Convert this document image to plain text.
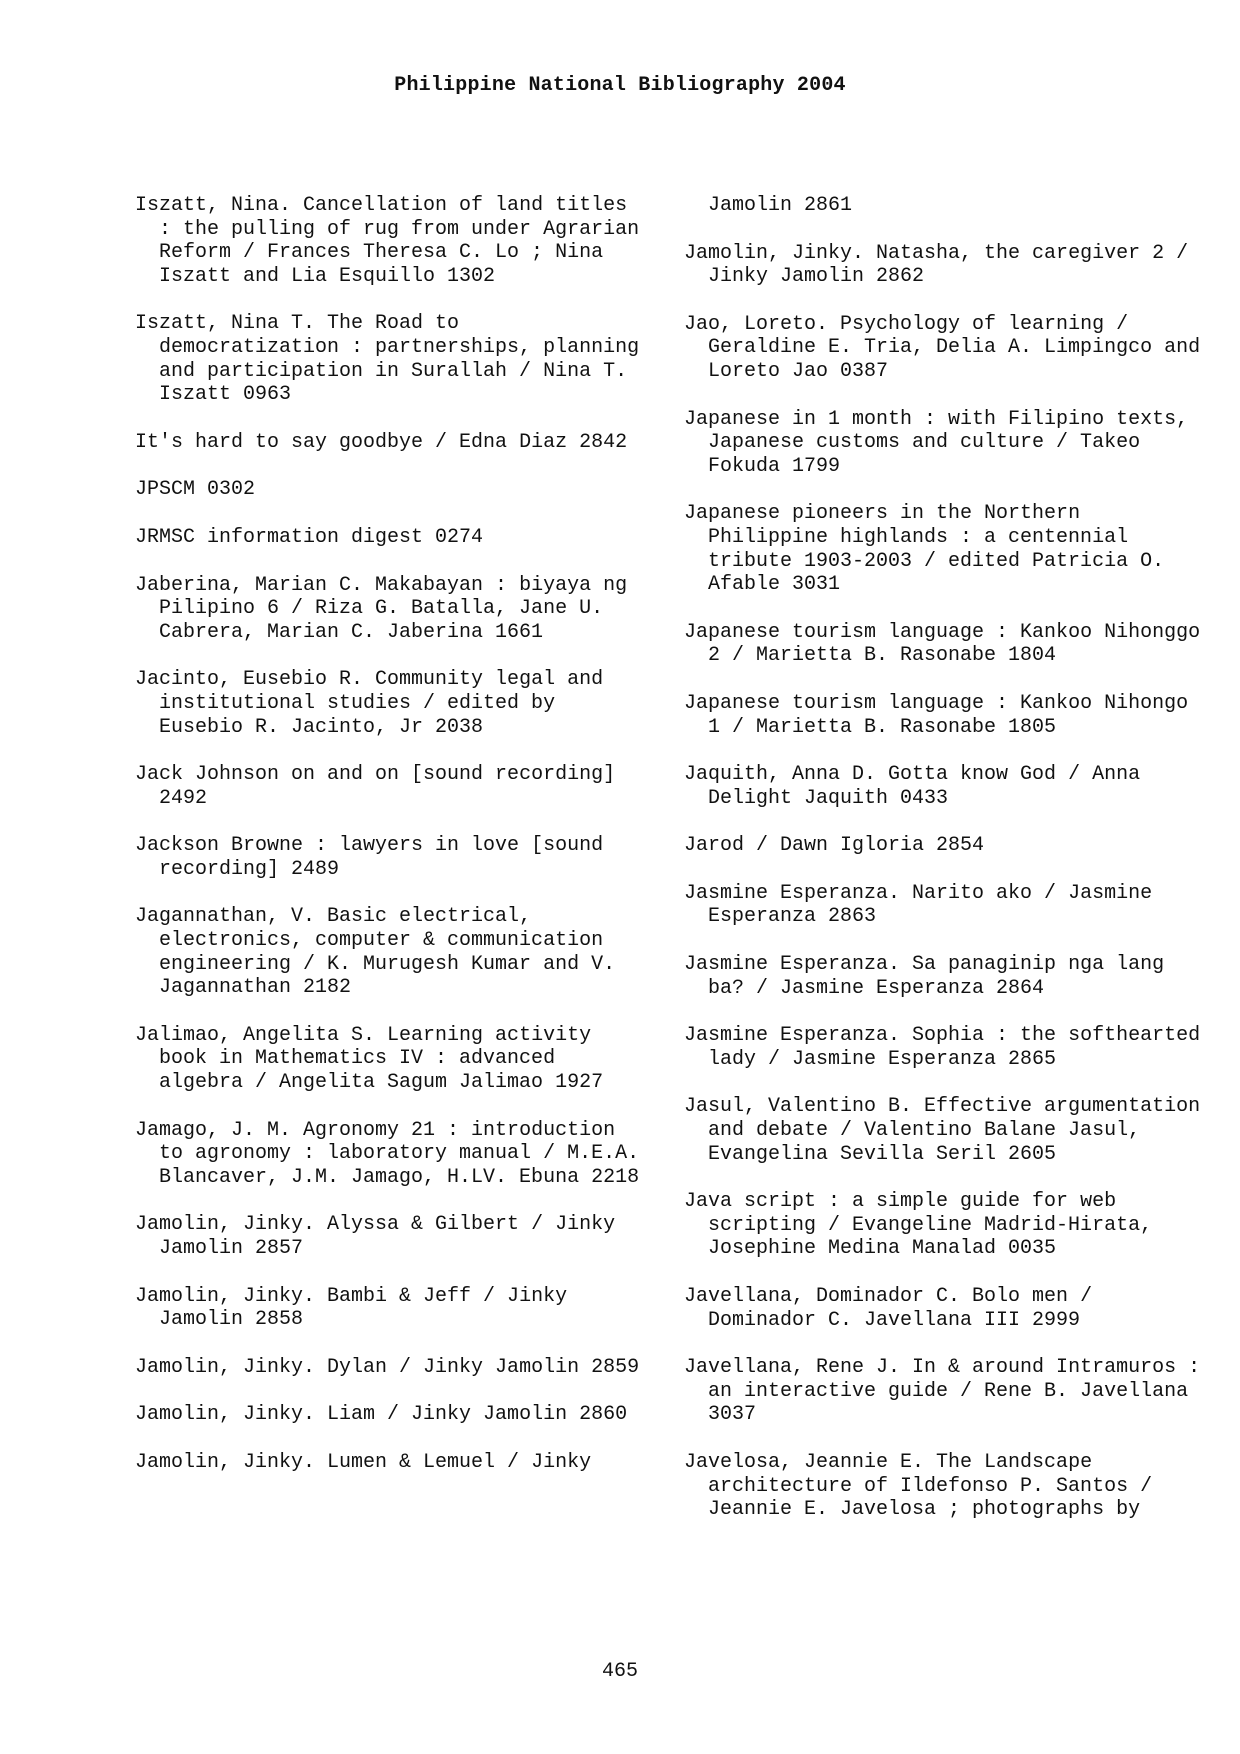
Philippine National Bibliography 2004

Iszatt, Nina. Cancellation of land titles : the pulling of rug from under Agrarian Reform / Frances Theresa C. Lo ; Nina Iszatt and Lia Esquillo 1302

Iszatt, Nina T. The Road to democratization : partnerships, planning and participation in Surallah / Nina T. Iszatt 0963

It's hard to say goodbye / Edna Diaz 2842

JPSCM 0302

JRMSC information digest 0274

Jaberina, Marian C. Makabayan : biyaya ng Pilipino 6 / Riza G. Batalla, Jane U. Cabrera, Marian C. Jaberina 1661

Jacinto, Eusebio R. Community legal and institutional studies / edited by Eusebio R. Jacinto, Jr 2038

Jack Johnson on and on [sound recording] 2492

Jackson Browne : lawyers in love [sound recording] 2489

Jagannathan, V. Basic electrical, electronics, computer & communication engineering / K. Murugesh Kumar and V. Jagannathan 2182

Jalimao, Angelita S. Learning activity book in Mathematics IV : advanced algebra / Angelita Sagum Jalimao 1927

Jamago, J. M. Agronomy 21 : introduction to agronomy : laboratory manual / M.E.A. Blancaver, J.M. Jamago, H.LV. Ebuna 2218

Jamolin, Jinky. Alyssa & Gilbert / Jinky Jamolin 2857

Jamolin, Jinky. Bambi & Jeff / Jinky Jamolin 2858

Jamolin, Jinky. Dylan / Jinky Jamolin 2859

Jamolin, Jinky. Liam / Jinky Jamolin 2860

Jamolin, Jinky. Lumen & Lemuel / Jinky

Jamolin 2861

Jamolin, Jinky. Natasha, the caregiver 2 / Jinky Jamolin 2862

Jao, Loreto. Psychology of learning / Geraldine E. Tria, Delia A. Limpingco and Loreto Jao 0387

Japanese in 1 month : with Filipino texts, Japanese customs and culture / Takeo Fokuda 1799

Japanese pioneers in the Northern Philippine highlands : a centennial tribute 1903-2003 / edited Patricia O. Afable 3031

Japanese tourism language : Kankoo Nihonggo 2 / Marietta B. Rasonabe 1804

Japanese tourism language : Kankoo Nihongo 1 / Marietta B. Rasonabe 1805

Jaquith, Anna D. Gotta know God / Anna Delight Jaquith 0433

Jarod / Dawn Igloria 2854

Jasmine Esperanza. Narito ako / Jasmine Esperanza 2863

Jasmine Esperanza. Sa panaginip nga lang ba? / Jasmine Esperanza 2864

Jasmine Esperanza. Sophia : the softhearted lady / Jasmine Esperanza 2865

Jasul, Valentino B. Effective argumentation and debate / Valentino Balane Jasul, Evangelina Sevilla Seril 2605

Java script : a simple guide for web scripting / Evangeline Madrid-Hirata, Josephine Medina Manalad 0035

Javellana, Dominador C. Bolo men / Dominador C. Javellana III 2999

Javellana, Rene J. In & around Intramuros : an interactive guide / Rene B. Javellana 3037

Javelosa, Jeannie E. The Landscape architecture of Ildefonso P. Santos / Jeannie E. Javelosa ; photographs by

465
